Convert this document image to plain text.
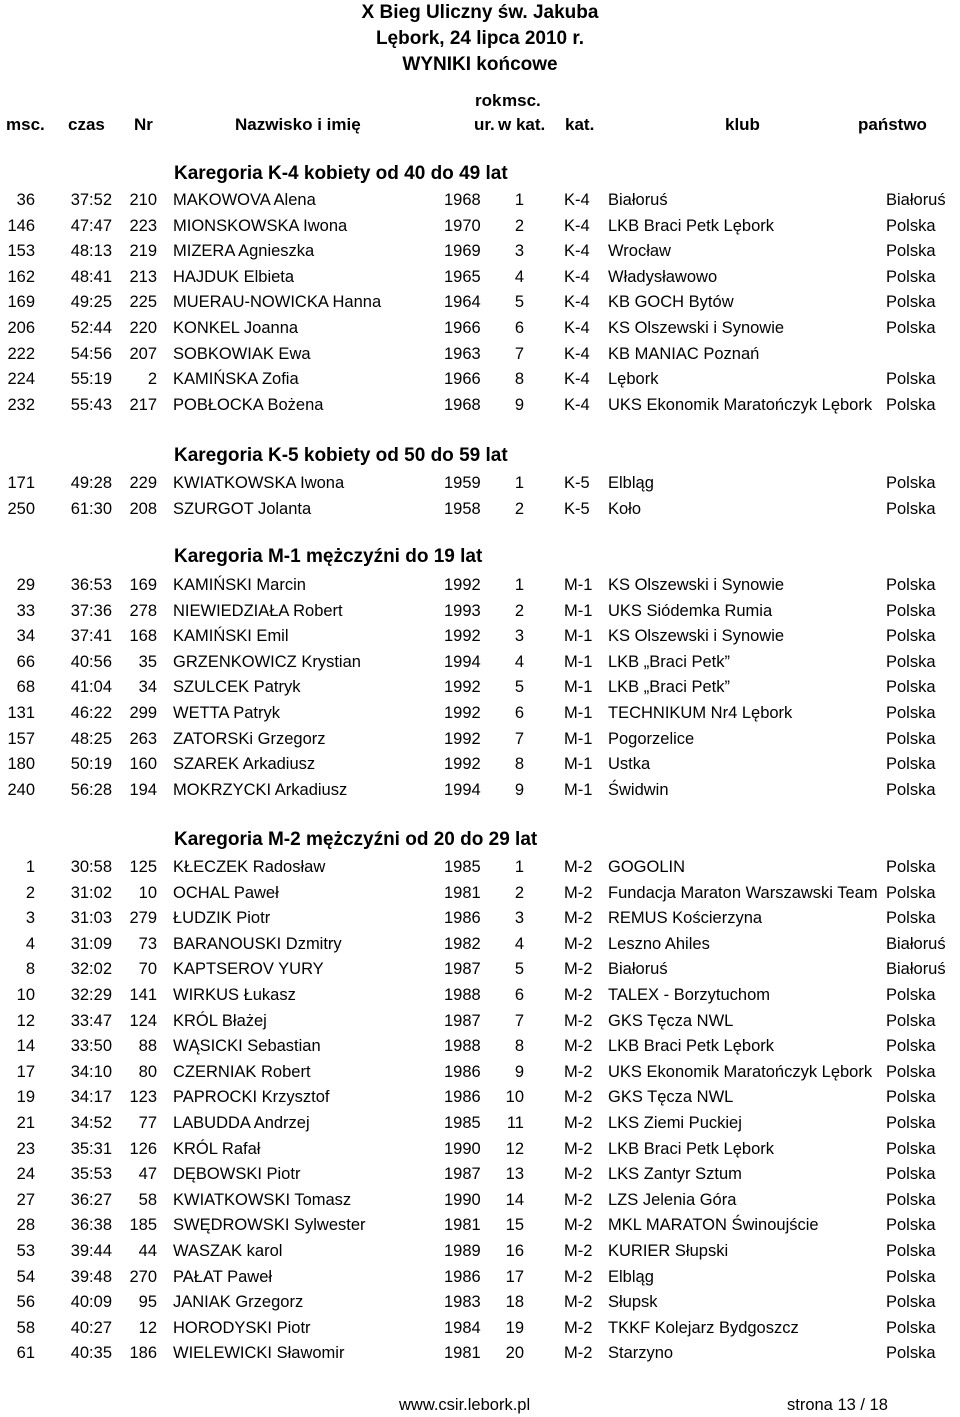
X Bieg Uliczny św. Jakuba
Lębork, 24 lipca 2010 r.
WYNIKI końcowe
rok msc.
msc. czas Nr	Nazwisko i imię	ur. w kat. kat.	klub	państwo
Karegoria K-4 kobiety od 40 do 49 lat
36 37:52 210 MAKOWOVA Alena	1968 1 K-4 Białoruś	Białoruś
146 47:47 223 MIONSKOWSKA Iwona	1970 2 K-4 LKB Braci Petk Lębork	Polska
153 48:13 219 MIZERA Agnieszka	1969 3 K-4 Wrocław	Polska
162 48:41 213 HAJDUK Elbieta	1965 4 K-4 Władysławowo	Polska
169 49:25 225 MUERAU-NOWICKA Hanna	1964 5 K-4 KB GOCH Bytów	Polska
206 52:44 220 KONKEL Joanna	1966 6 K-4 KS Olszewski i Synowie	Polska
222 54:56 207 SOBKOWIAK Ewa	1963 7 K-4 KB MANIAC Poznań
224 55:19 2 KAMIŃSKA Zofia	1966 8 K-4 Lębork	Polska
232 55:43 217 POBŁOCKA Bożena	1968 9 K-4 UKS Ekonomik Maratończyk Lębork Polska
Karegoria K-5 kobiety od 50 do 59 lat
171 49:28 229 KWIATKOWSKA Iwona	1959 1 K-5 Elbląg	Polska
250 61:30 208 SZURGOT Jolanta	1958 2 K-5 Koło	Polska
Karegoria M-1 mężczyźni do 19 lat
29 36:53 169 KAMIŃSKI Marcin	1992 1 M-1 KS Olszewski i Synowie	Polska
33 37:36 278 NIEWIEDZIAŁA Robert	1993 2 M-1 UKS Siódemka Rumia	Polska
34 37:41 168 KAMIŃSKI Emil	1992 3 M-1 KS Olszewski i Synowie	Polska
66 40:56 35 GRZENKOWICZ Krystian	1994 4 M-1 LKB „Braci Petk”	Polska
68 41:04 34 SZULCEK Patryk	1992 5 M-1 LKB „Braci Petk”	Polska
131 46:22 299 WETTA Patryk	1992 6 M-1 TECHNIKUM Nr4 Lębork	Polska
157 48:25 263 ZATORSKi Grzegorz	1992 7 M-1 Pogorzelice	Polska
180 50:19 160 SZAREK Arkadiusz	1992 8 M-1 Ustka	Polska
240 56:28 194 MOKRZYCKI Arkadiusz	1994 9 M-1 Świdwin	Polska
Karegoria M-2 mężczyźni od 20 do 29 lat
1 30:58 125 KŁECZEK Radosław	1985 1 M-2 GOGOLIN	Polska
2 31:02 10 OCHAL Paweł	1981 2 M-2 Fundacja Maraton Warszawski Team Polska
3 31:03 279 ŁUDZIK Piotr	1986 3 M-2 REMUS Kościerzyna	Polska
4 31:09 73 BARANOUSKI Dzmitry	1982 4 M-2 Leszno Ahiles	Białoruś
8 32:02 70 KAPTSEROV YURY	1987 5 M-2 Białoruś	Białoruś
10 32:29 141 WIRKUS Łukasz	1988 6 M-2 TALEX - Borzytuchom	Polska
12 33:47 124 KRÓL Błażej	1987 7 M-2 GKS Tęcza NWL	Polska
14 33:50 88 WĄSICKI Sebastian	1988 8 M-2 LKB Braci Petk Lębork	Polska
17 34:10 80 CZERNIAK Robert	1986 9 M-2 UKS Ekonomik Maratończyk Lębork Polska
19 34:17 123 PAPROCKI Krzysztof	1986 10 M-2 GKS Tęcza NWL	Polska
21 34:52 77 LABUDDA Andrzej	1985 11 M-2 LKS Ziemi Puckiej	Polska
23 35:31 126 KRÓL Rafał	1990 12 M-2 LKB Braci Petk Lębork	Polska
24 35:53 47 DĘBOWSKI Piotr	1987 13 M-2 LKS Zantyr Sztum	Polska
27 36:27 58 KWIATKOWSKI Tomasz	1990 14 M-2 LZS Jelenia Góra	Polska
28 36:38 185 SWĘDROWSKI Sylwester	1981 15 M-2 MKL MARATON Świnoujście	Polska
53 39:44 44 WASZAK karol	1989 16 M-2 KURIER Słupski	Polska
54 39:48 270 PAŁAT Paweł	1986 17 M-2 Elbląg	Polska
56 40:09 95 JANIAK Grzegorz	1983 18 M-2 Słupsk	Polska
58 40:27 12 HORODYSKI Piotr	1984 19 M-2 TKKF Kolejarz Bydgoszcz	Polska
61 40:35 186 WIELEWICKI Sławomir	1981 20 M-2 Starzyno	Polska
www.csir.lebork.pl	strona 13 / 18
